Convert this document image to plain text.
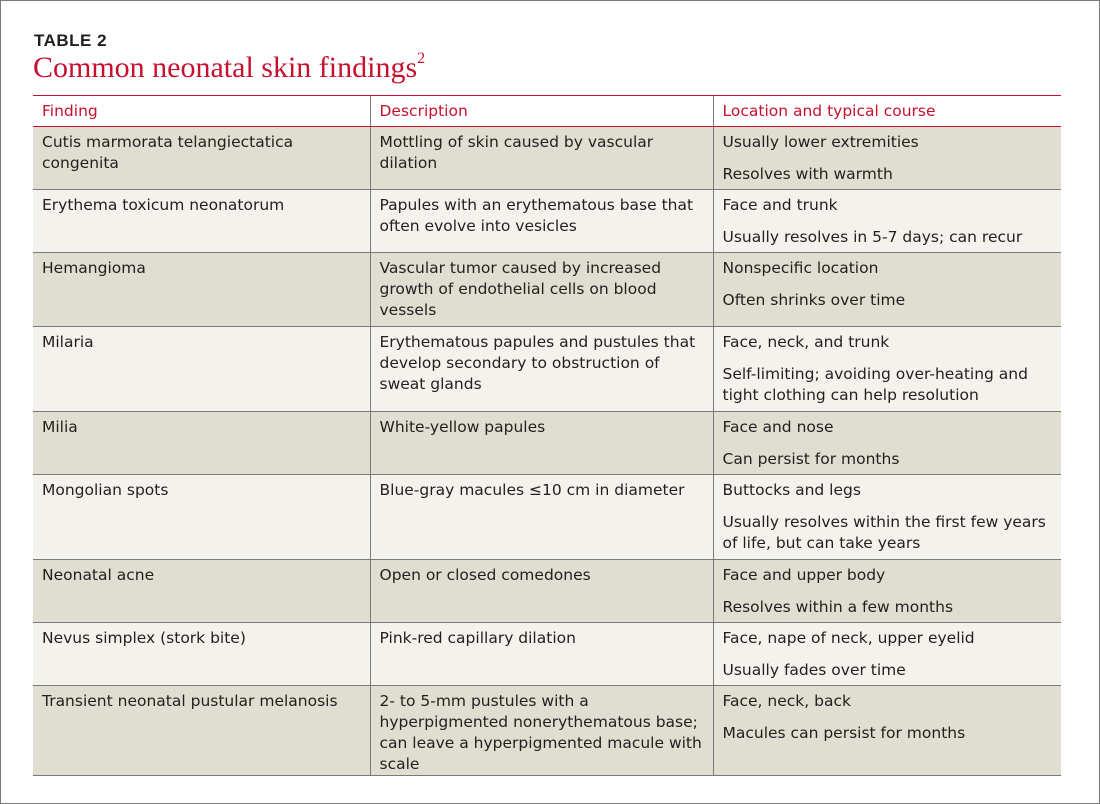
TABLE 2
Common neonatal skin findings$^2$
Finding	Description	Location and typical course
Cutis marmorata telangiectatica congenita	Mottling of skin caused by vascular dilation	Usually lower extremities
Resolves with warmth

Erythema toxicum neonatorum	Papules with an erythematous base that often evolve into vesicles	Face and trunk
Usually resolves in 5-7 days; can recur

Hemangioma	Vascular tumor caused by increased growth of endothelial cells on blood vessels	Nonspecific location
Often shrinks over time

Milaria	Erythematous papules and pustules that develop secondary to obstruction of sweat glands	Face, neck, and trunk
Self-limiting; avoiding over-heating and tight clothing can help resolution

Milia	White-yellow papules	Face and nose
Can persist for months

Mongolian spots	Blue-gray macules ≤10 cm in diameter	Buttocks and legs
Usually resolves within the first few years of life, but can take years

Neonatal acne	Open or closed comedones	Face and upper body
Resolves within a few months

Nevus simplex (stork bite)	Pink-red capillary dilation	Face, nape of neck, upper eyelid
Usually fades over time

Transient neonatal pustular melanosis	2- to 5-mm pustules with a hyperpigmented nonerythematous base; can leave a hyperpigmented macule with scale	Face, neck, back
Macules can persist for months
